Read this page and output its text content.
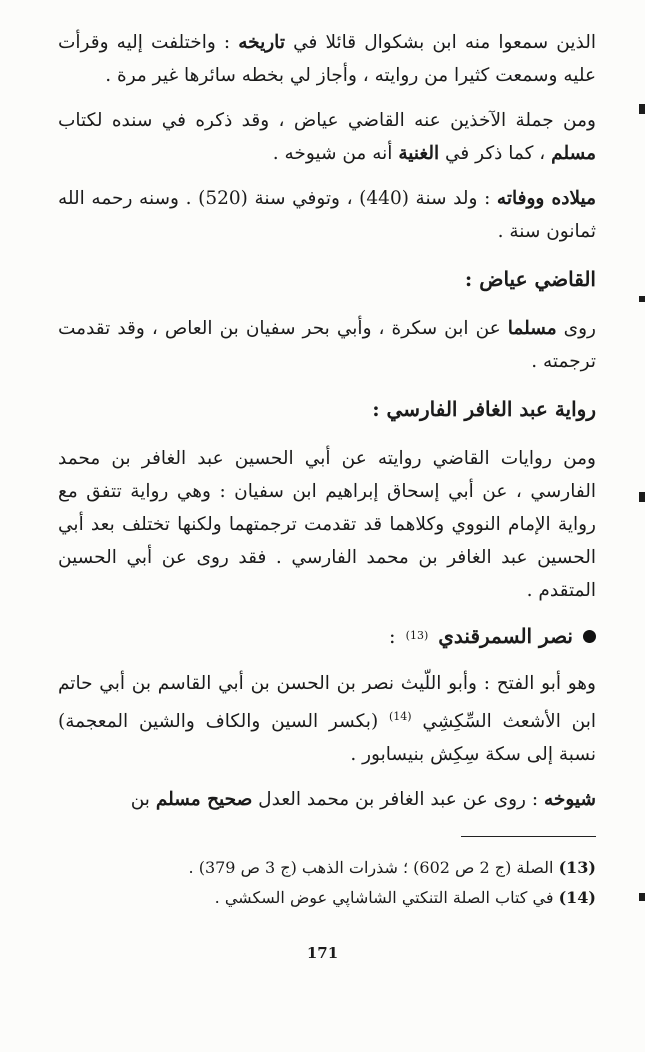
الذين سمعوا منه ابن بشكوال قائلا في تاريخه : واختلفت إليه وقرأت عليه وسمعت كثيرا من روايته ، وأجاز لي بخطه سائرها غير مرة .

ومن جملة الآخذين عنه القاضي عياض ، وقد ذكره في سنده لكتاب مسلم ، كما ذكر في الغنية أنه من شيوخه .

ميلاده ووفاته : ولد سنة (440) ، وتوفي سنة (520) . وسنه رحمه الله ثمانون سنة .

القاضي عياض :

روى مسلما عن ابن سكرة ، وأبي بحر سفيان بن العاص ، وقد تقدمت ترجمته .

رواية عبد الغافر الفارسي :

ومن روايات القاضي روايته عن أبي الحسين عبد الغافر بن محمد الفارسي ، عن أبي إسحاق إبراهيم ابن سفيان : وهي رواية تتفق مع رواية الإمام النووي وكلاهما قد تقدمت ترجمتهما ولكنها تختلف بعد أبي الحسين عبد الغافر بن محمد الفارسي . فقد روى عن أبي الحسين المتقدم .

نصر السمرقندي
(13)
:

وهو أبو الفتح : وأبو اللّيث نصر بن الحسن بن أبي القاسم بن أبي حاتم ابن الأشعث السِّكِشِي $^{(14)}$ (بكسر السين والكاف والشين المعجمة) نسبة إلى سكة سِكِش بنيسابور .

شيوخه : روى عن عبد الغافر بن محمد العدل صحيح مسلم بن

(13) الصلة (ج 2 ص 602) ؛ شذرات الذهب (ج 3 ص 379) .

(14) في كتاب الصلة التنكتي الشاشاپي عوض السكشي .

171
